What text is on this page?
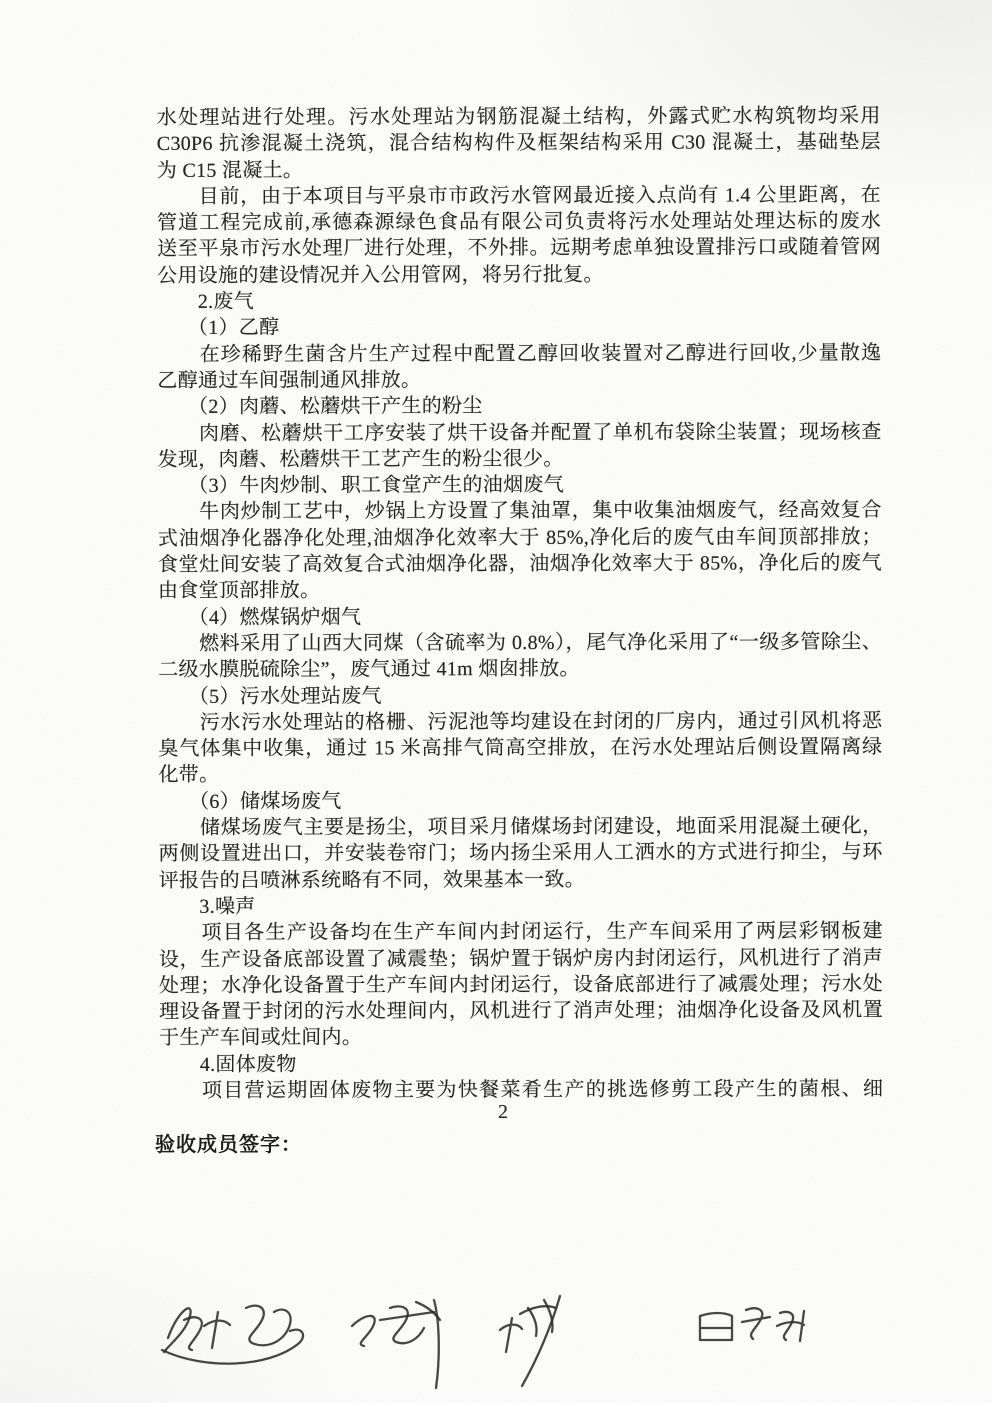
水处理站进行处理。污水处理站为钢筋混凝土结构，外露式贮水构筑物均采用
C30P6 抗渗混凝土浇筑，混合结构构件及框架结构采用 C30 混凝土，基础垫层
为 C15 混凝土。
　　目前，由于本项目与平泉市市政污水管网最近接入点尚有 1.4 公里距离，在
管道工程完成前,承德森源绿色食品有限公司负责将污水处理站处理达标的废水
送至平泉市污水处理厂进行处理，不外排。远期考虑单独设置排污口或随着管网
公用设施的建设情况并入公用管网，将另行批复。
　　2.废气
　　（1）乙醇
　　在珍稀野生菌含片生产过程中配置乙醇回收装置对乙醇进行回收,少量散逸
乙醇通过车间强制通风排放。
　　（2）肉蘑、松蘑烘干产生的粉尘
　　肉磨、松蘑烘干工序安装了烘干设备并配置了单机布袋除尘装置；现场核查
发现，肉蘑、松蘑烘干工艺产生的粉尘很少。
　　（3）牛肉炒制、职工食堂产生的油烟废气
　　牛肉炒制工艺中，炒锅上方设置了集油罩，集中收集油烟废气，经高效复合
式油烟净化器净化处理,油烟净化效率大于 85%,净化后的废气由车间顶部排放；
食堂灶间安装了高效复合式油烟净化器，油烟净化效率大于 85%，净化后的废气
由食堂顶部排放。
　　（4）燃煤锅炉烟气
　　燃料采用了山西大同煤（含硫率为 0.8%），尾气净化采用了“一级多管除尘、
二级水膜脱硫除尘”，废气通过 41m 烟囱排放。
　　（5）污水处理站废气
　　污水污水处理站的格栅、污泥池等均建设在封闭的厂房内，通过引风机将恶
臭气体集中收集，通过 15 米高排气筒高空排放，在污水处理站后侧设置隔离绿
化带。
　　（6）储煤场废气
　　储煤场废气主要是扬尘，项目采月储煤场封闭建设，地面采用混凝土硬化，
两侧设置进出口，并安装卷帘门；场内扬尘采用人工洒水的方式进行抑尘，与环
评报告的吕喷淋系统略有不同，效果基本一致。
　　3.噪声
　　项目各生产设备均在生产车间内封闭运行，生产车间采用了两层彩钢板建
设，生产设备底部设置了减震垫；锅炉置于锅炉房内封闭运行，风机进行了消声
处理；水净化设备置于生产车间内封闭运行，设备底部进行了减震处理；污水处
理设备置于封闭的污水处理间内，风机进行了消声处理；油烟净化设备及风机置
于生产车间或灶间内。
　　4.固体废物
　　项目营运期固体废物主要为快餐菜肴生产的挑选修剪工段产生的菌根、细
2
验收成员签字：
